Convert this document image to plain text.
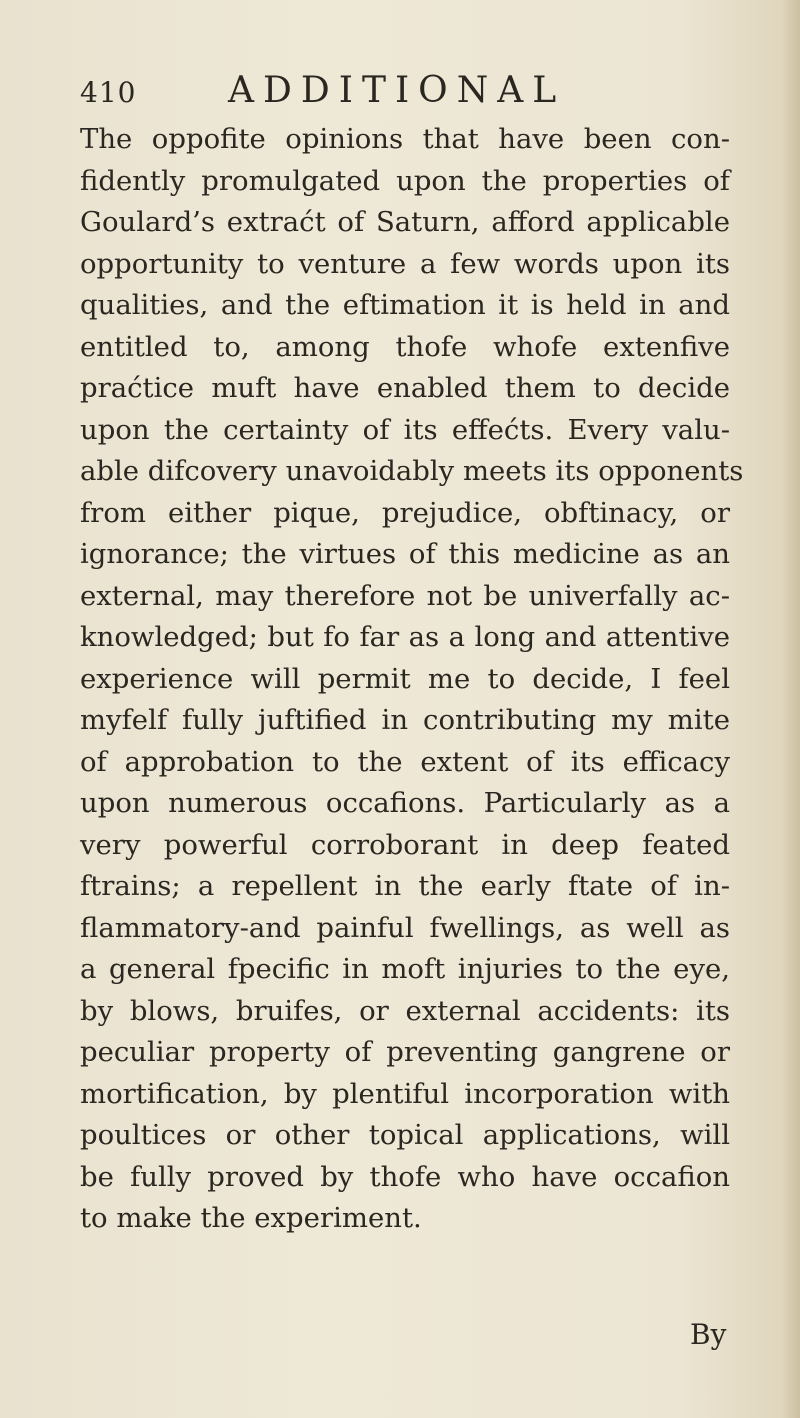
410	ADDITIONAL
The oppofite opinions that have been con-
fidently promulgated upon the properties of
Goulard’s extraćt of Saturn, afford applicable
opportunity to venture a few words upon its
qualities, and the eftimation it is held in and
entitled to, among thofe whofe extenfive
praćtice muft have enabled them to decide
upon the certainty of its effećts. Every valu-
able difcovery unavoidably meets its opponents
from either pique, prejudice, obftinacy, or
ignorance; the virtues of this medicine as an
external, may therefore not be univerfally ac-
knowledged; but fo far as a long and attentive
experience will permit me to decide, I feel
myfelf fully juftified in contributing my mite
of approbation to the extent of its efficacy
upon numerous occafions. Particularly as a
very powerful corroborant in deep feated
ftrains; a repellent in the early ftate of in-
flammatory-and painful fwellings, as well as
a general fpecific in moft injuries to the eye,
by blows, bruifes, or external accidents: its
peculiar property of preventing gangrene or
mortification, by plentiful incorporation with
poultices or other topical applications, will
be fully proved by thofe who have occafion
to make the experiment.
By
